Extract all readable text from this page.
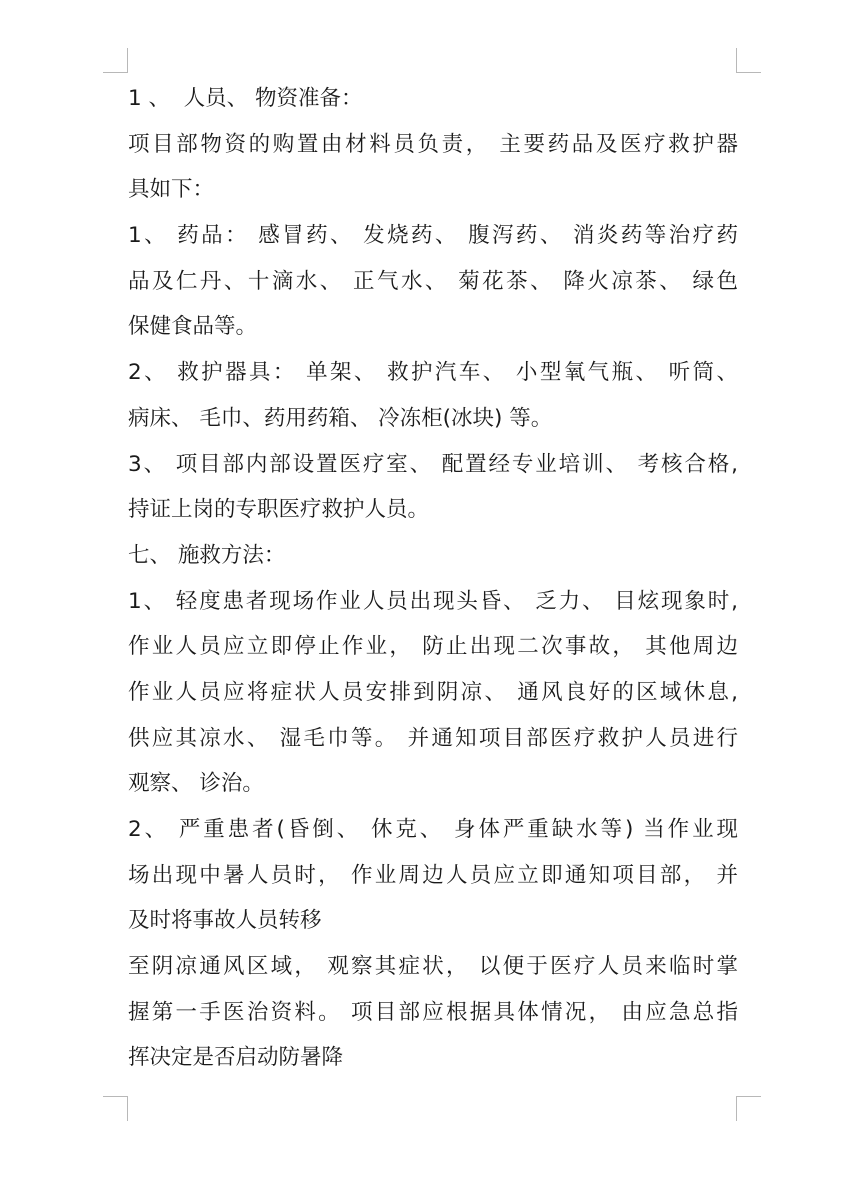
1 、  人员、 物资准备：
项目部物资的购置由材料员负责， 主要药品及医疗救护器
具如下：
1、 药品： 感冒药、 发烧药、 腹泻药、 消炎药等治疗药
品及仁丹、十滴水、 正气水、 菊花茶、 降火凉茶、 绿色
保健食品等。
2、 救护器具： 单架、 救护汽车、 小型氧气瓶、 听筒、
病床、 毛巾、药用药箱、 冷冻柜(冰块) 等。
3、 项目部内部设置医疗室、 配置经专业培训、 考核合格,
持证上岗的专职医疗救护人员。
七、 施救方法：
1、 轻度患者现场作业人员出现头昏、 乏力、 目炫现象时,
作业人员应立即停止作业， 防止出现二次事故， 其他周边
作业人员应将症状人员安排到阴凉、 通风良好的区域休息,
供应其凉水、 湿毛巾等。 并通知项目部医疗救护人员进行
观察、 诊治。
2、 严重患者(昏倒、 休克、 身体严重缺水等) 当作业现
场出现中暑人员时， 作业周边人员应立即通知项目部， 并
及时将事故人员转移
至阴凉通风区域， 观察其症状， 以便于医疗人员来临时掌
握第一手医治资料。 项目部应根据具体情况， 由应急总指
挥决定是否启动防暑降
